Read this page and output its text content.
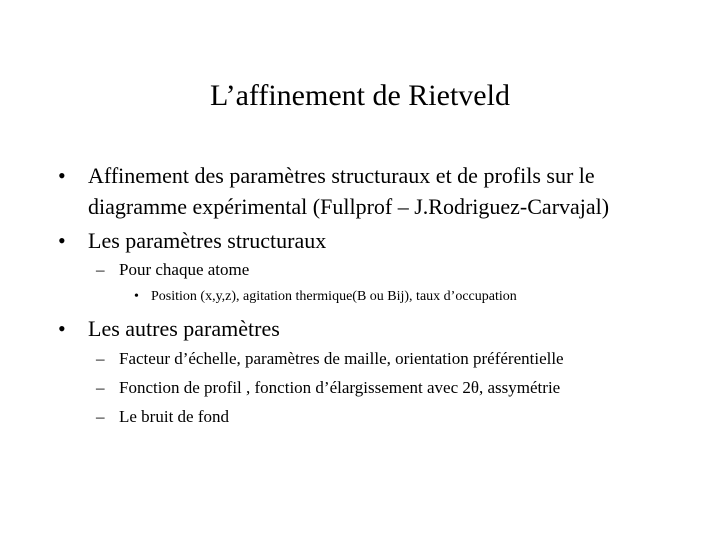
L’affinement de Rietveld
• Affinement des paramètres structuraux et de profils sur le
diagramme expérimental (Fullprof – J.Rodriguez-Carvajal)
• Les paramètres structuraux
– Pour chaque atome
• Position (x,y,z), agitation thermique(B ou Bij), taux d’occupation
• Les autres paramètres
– Facteur d’échelle, paramètres de maille, orientation préférentielle
– Fonction de profil , fonction d’élargissement avec 2θ, assymétrie
– Le bruit de fond
